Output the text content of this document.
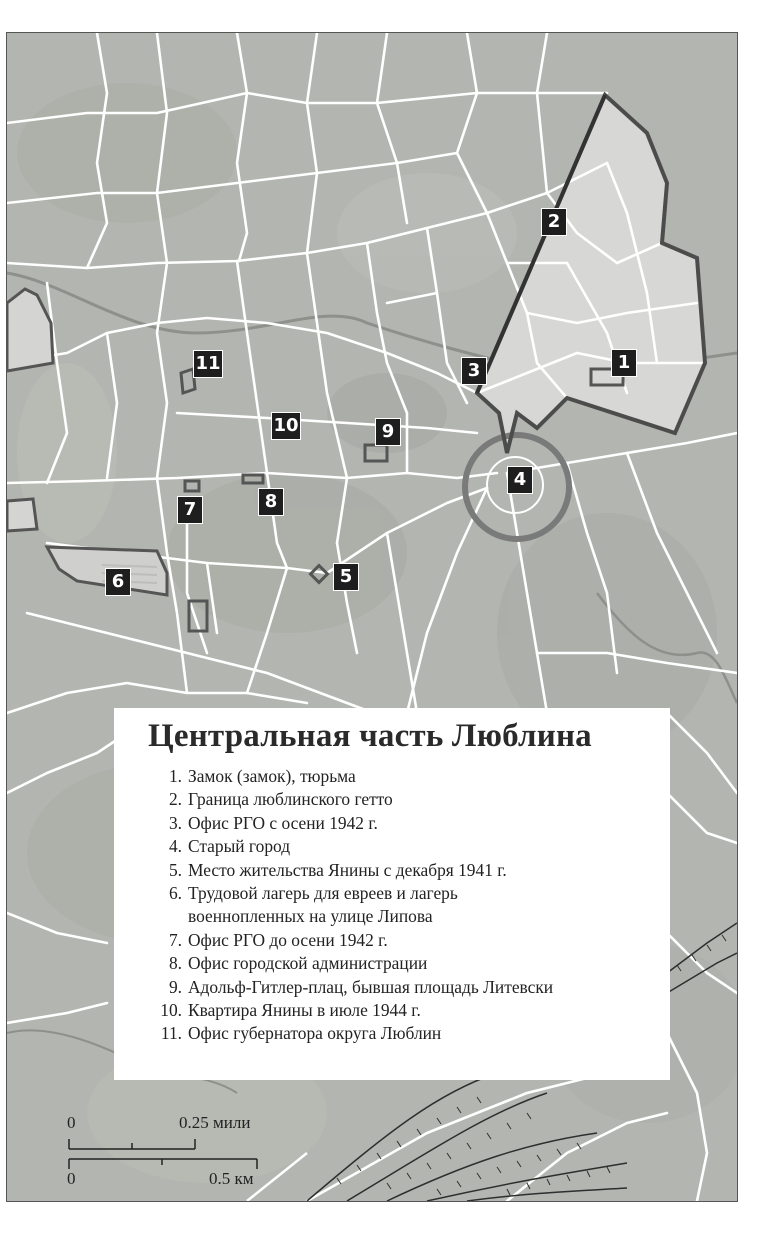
1
2
3
4
5
6
7	8
9
10
11
Центральная часть Люблина
1. Замок (замок), тюрьма
2. Граница люблинского гетто
3. Офис РГО с осени 1942 г.
4. Старый город
5. Место жительства Янины с декабря 1941 г.
6. Трудовой лагерь для евреев и лагерь
военнопленных на улице Липова
7. Офис РГО до осени 1942 г.
8. Офис городской администрации
9. Адольф-Гитлер-плац, бывшая площадь Литевски
10. Квартира Янины в июле 1944 г.
11. Офис губернатора округа Люблин
0	0.25 мили
0	0.5 км
